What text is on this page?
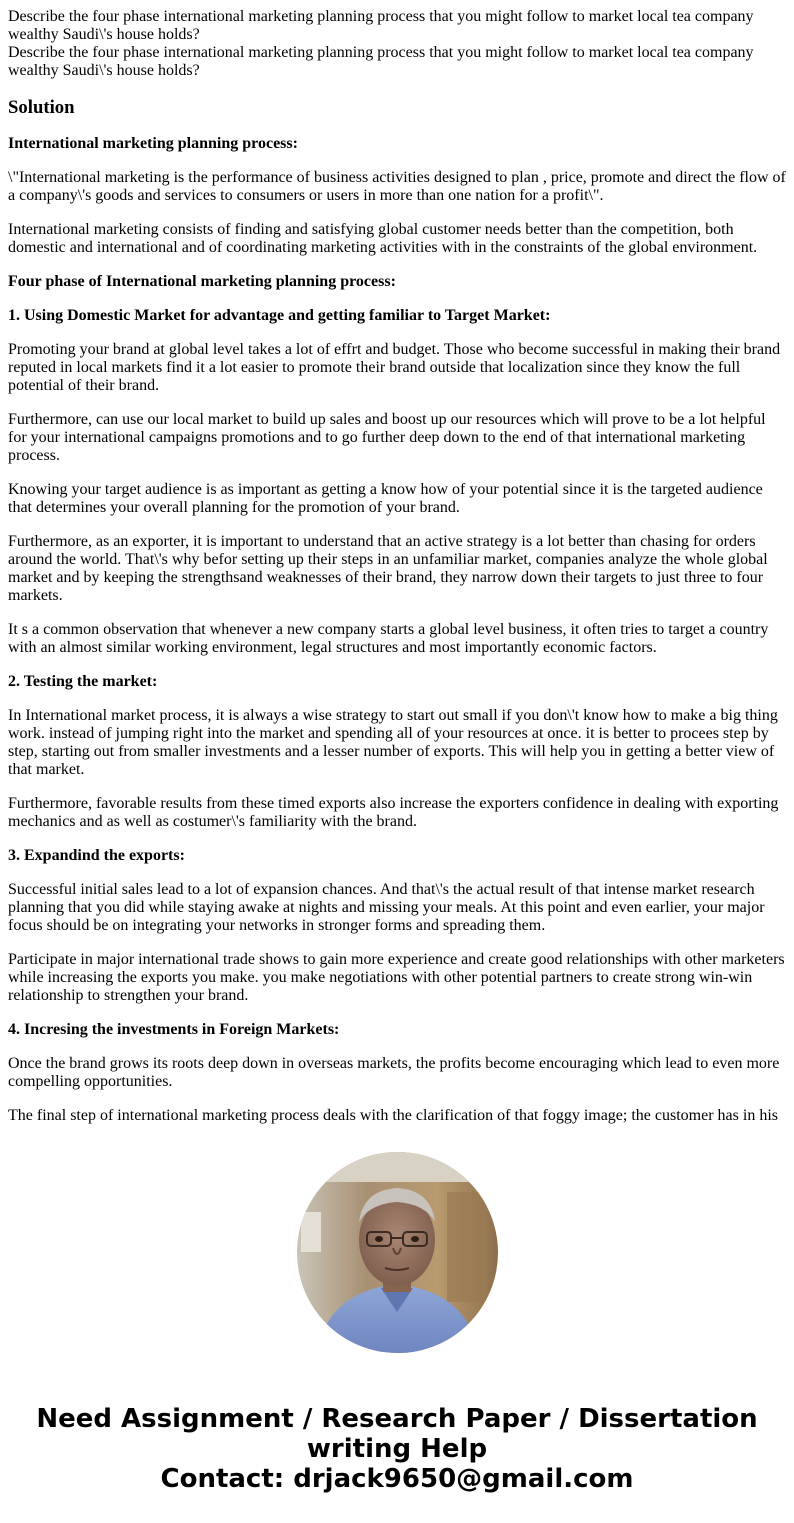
Describe the four phase international marketing planning process that you might follow to market local tea company wealthy Saudi\'s house holds?
Describe the four phase international marketing planning process that you might follow to market local tea company wealthy Saudi\'s house holds?
Solution

International marketing planning process:

\"International marketing is the performance of business activities designed to plan , price, promote and direct the flow of a company\'s goods and services to consumers or users in more than one nation for a profit\".

International marketing consists of finding and satisfying global customer needs better than the competition, both domestic and international and of coordinating marketing activities with in the constraints of the global environment.

Four phase of International marketing planning process:

1. Using Domestic Market for advantage and getting familiar to Target Market:

Promoting your brand at global level takes a lot of effrt and budget. Those who become successful in making their brand reputed in local markets find it a lot easier to promote their brand outside that localization since they know the full potential of their brand.

Furthermore, can use our local market to build up sales and boost up our resources which will prove to be a lot helpful for your international campaigns promotions and to go further deep down to the end of that international marketing process.

Knowing your target audience is as important as getting a know how of your potential since it is the targeted audience that determines your overall planning for the promotion of your brand.

Furthermore, as an exporter, it is important to understand that an active strategy is a lot better than chasing for orders around the world. That\'s why befor setting up their steps in an unfamiliar market, companies analyze the whole global market and by keeping the strengthsand weaknesses of their brand, they narrow down their targets to just three to four markets.

It s a common observation that whenever a new company starts a global level business, it often tries to target a country with an almost similar working environment, legal structures and most importantly economic factors.

2. Testing the market:

In International market process, it is always a wise strategy to start out small if you don\'t know how to make a big thing work. instead of jumping right into the market and spending all of your resources at once. it is better to procees step by step, starting out from smaller investments and a lesser number of exports. This will help you in getting a better view of that market.

Furthermore, favorable results from these timed exports also increase the exporters confidence in dealing with exporting mechanics and as well as costumer\'s familiarity with the brand.

3. Expandind the exports:

Successful initial sales lead to a lot of expansion chances. And that\'s the actual result of that intense market research planning that you did while staying awake at nights and missing your meals. At this point and even earlier, your major focus should be on integrating your networks in stronger forms and spreading them.

Participate in major international trade shows to gain more experience and create good relationships with other marketers while increasing the exports you make. you make negotiations with other potential partners to create strong win-win relationship to strengthen your brand.

4. Incresing the investments in Foreign Markets:

Once the brand grows its roots deep down in overseas markets, the profits become encouraging which lead to even more compelling opportunities.

The final step of international marketing process deals with the clarification of that foggy image; the customer has in his

Need Assignment / Research Paper / Dissertation
writing Help
Contact: drjack9650@gmail.com
